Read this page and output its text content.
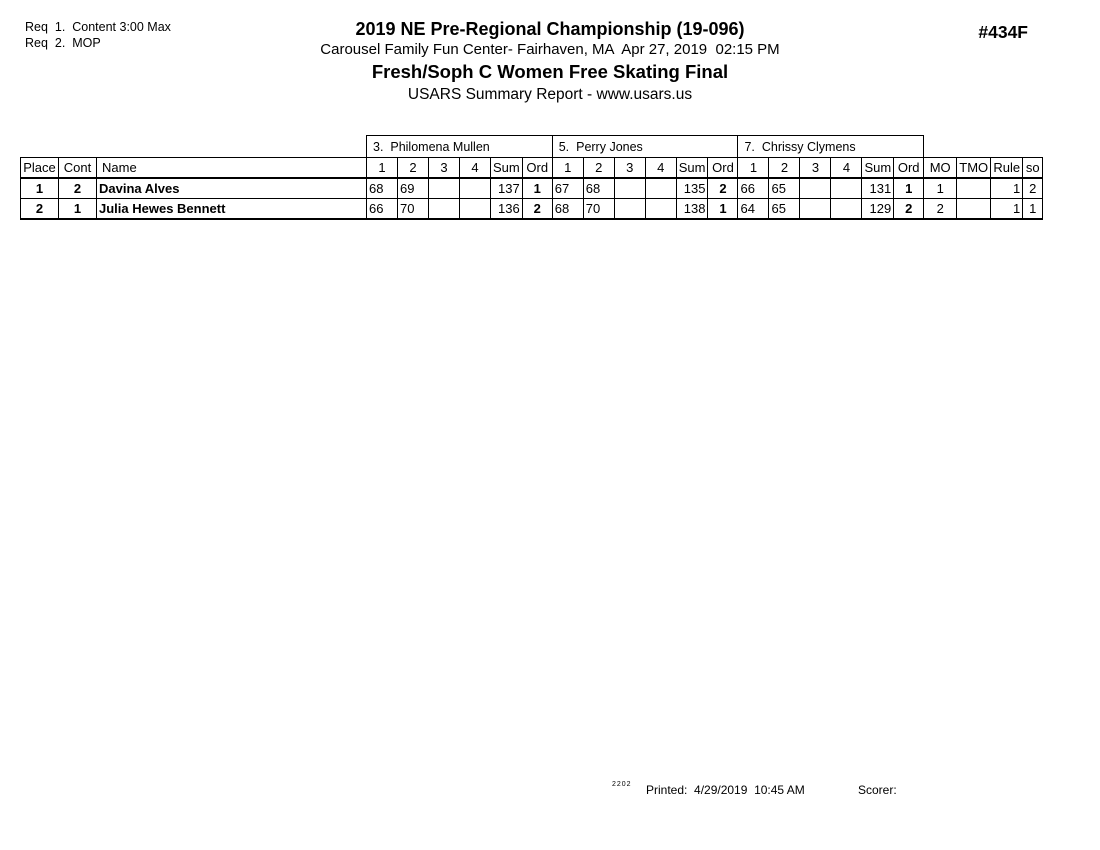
Req  1.  Content 3:00 Max
Req  2.  MOP
2019 NE Pre-Regional Championship (19-096)
Carousel Family Fun Center- Fairhaven, MA  Apr 27, 2019  02:15 PM
Fresh/Soph C Women Free Skating Final
USARS Summary Report - www.usars.us
#434F
			3.  Philomena Mullen						5.  Perry Jones						7.  Chrissy Clymens									
Place	Cont	Name	1	2	3	4	Sum	Ord	1	2	3	4	Sum	Ord	1	2	3	4	Sum	Ord	MO	TMO	Rule	so
1	2	Davina Alves	68	69			137	1	67	68			135	2	66	65			131	1	1		1	2
2	1	Julia Hewes Bennett	66	70			136	2	68	70			138	1	64	65			129	2	2		1	1
2202 Printed:  4/29/2019  10:45 AM	Scorer:
